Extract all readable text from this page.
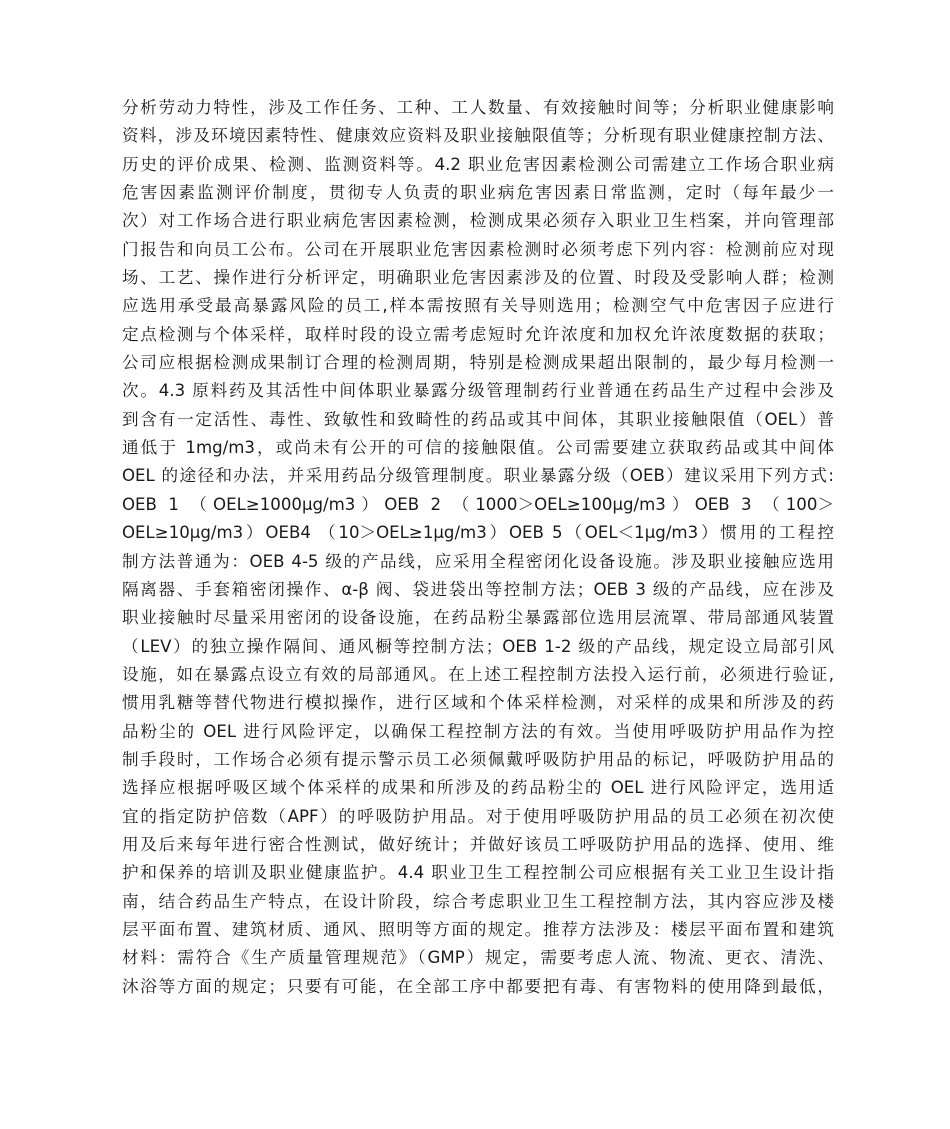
分析劳动力特性，涉及工作任务、工种、工人数量、有效接触时间等；分析职业健康影响
资料，涉及环境因素特性、健康效应资料及职业接触限值等；分析现有职业健康控制方法、
历史的评价成果、检测、监测资料等。4.2 职业危害因素检测公司需建立工作场合职业病
危害因素监测评价制度，贯彻专人负责的职业病危害因素日常监测，定时（每年最少一
次）对工作场合进行职业病危害因素检测，检测成果必须存入职业卫生档案，并向管理部
门报告和向员工公布。公司在开展职业危害因素检测时必须考虑下列内容：检测前应对现
场、工艺、操作进行分析评定，明确职业危害因素涉及的位置、时段及受影响人群；检测
应选用承受最高暴露风险的员工,样本需按照有关导则选用；检测空气中危害因子应进行
定点检测与个体采样，取样时段的设立需考虑短时允许浓度和加权允许浓度数据的获取；
公司应根据检测成果制订合理的检测周期，特别是检测成果超出限制的，最少每月检测一
次。4.3 原料药及其活性中间体职业暴露分级管理制药行业普通在药品生产过程中会涉及
到含有一定活性、毒性、致敏性和致畸性的药品或其中间体，其职业接触限值（OEL）普
通低于 1mg/m3，或尚未有公开的可信的接触限值。公司需要建立获取药品或其中间体
OEL 的途径和办法，并采用药品分级管理制度。职业暴露分级（OEB）建议采用下列方式:
OEB 1 （OEL≥1000μg/m3）OEB 2 （1000＞OEL≥100μg/m3）OEB 3 （100＞
OEL≥10μg/m3）OEB4 （10＞OEL≥1μg/m3）OEB 5（OEL＜1μg/m3）惯用的工程控
制方法普通为：OEB 4-5 级的产品线，应采用全程密闭化设备设施。涉及职业接触应选用
隔离器、手套箱密闭操作、α-β 阀、袋进袋出等控制方法；OEB 3 级的产品线，应在涉及
职业接触时尽量采用密闭的设备设施，在药品粉尘暴露部位选用层流罩、带局部通风装置
（LEV）的独立操作隔间、通风橱等控制方法；OEB 1-2 级的产品线，规定设立局部引风
设施，如在暴露点设立有效的局部通风。在上述工程控制方法投入运行前，必须进行验证,
惯用乳糖等替代物进行模拟操作，进行区域和个体采样检测，对采样的成果和所涉及的药
品粉尘的 OEL 进行风险评定，以确保工程控制方法的有效。当使用呼吸防护用品作为控
制手段时，工作场合必须有提示警示员工必须佩戴呼吸防护用品的标记，呼吸防护用品的
选择应根据呼吸区域个体采样的成果和所涉及的药品粉尘的 OEL 进行风险评定，选用适
宜的指定防护倍数（APF）的呼吸防护用品。对于使用呼吸防护用品的员工必须在初次使
用及后来每年进行密合性测试，做好统计；并做好该员工呼吸防护用品的选择、使用、维
护和保养的培训及职业健康监护。4.4 职业卫生工程控制公司应根据有关工业卫生设计指
南，结合药品生产特点，在设计阶段，综合考虑职业卫生工程控制方法，其内容应涉及楼
层平面布置、建筑材质、通风、照明等方面的规定。推荐方法涉及：楼层平面布置和建筑
材料：需符合《生产质量管理规范》（GMP）规定，需要考虑人流、物流、更衣、清洗、
沐浴等方面的规定；只要有可能，在全部工序中都要把有毒、有害物料的使用降到最低，
